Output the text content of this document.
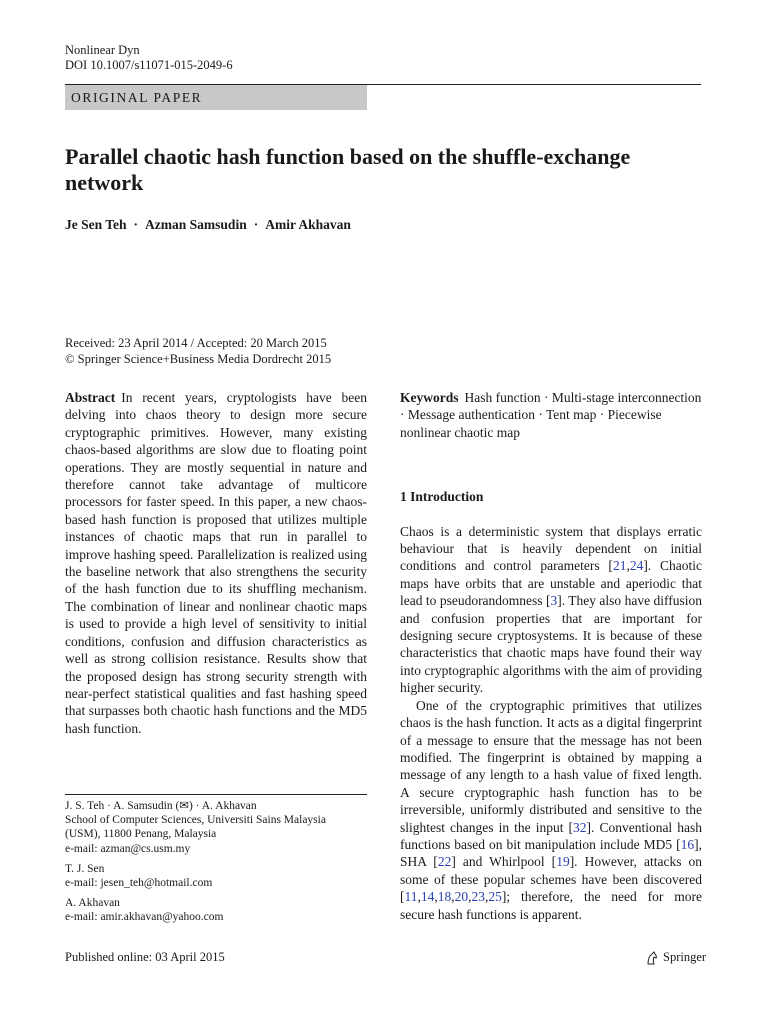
Nonlinear Dyn
DOI 10.1007/s11071-015-2049-6
ORIGINAL PAPER
Parallel chaotic hash function based on the shuffle-exchange network
Je Sen Teh · Azman Samsudin · Amir Akhavan
Received: 23 April 2014 / Accepted: 20 March 2015
© Springer Science+Business Media Dordrecht 2015

Abstract In recent years, cryptologists have been delving into chaos theory to design more secure cryptographic primitives. However, many existing chaos-based algorithms are slow due to floating point operations. They are mostly sequential in nature and therefore cannot take advantage of multicore processors for faster speed. In this paper, a new chaos-based hash function is proposed that utilizes multiple instances of chaotic maps that run in parallel to improve hashing speed. Parallelization is realized using the baseline network that also strengthens the security of the hash function due to its shuffling mechanism. The combination of linear and nonlinear chaotic maps is used to provide a high level of sensitivity to initial conditions, confusion and diffusion characteristics as well as strong collision resistance. Results show that the proposed design has strong security strength with near-perfect statistical qualities and fast hashing speed that surpasses both chaotic hash functions and the MD5 hash function.

J. S. Teh · A. Samsudin (✉) · A. Akhavan
School of Computer Sciences, Universiti Sains Malaysia
(USM), 11800 Penang, Malaysia
e-mail: azman@cs.usm.my
T. J. Sen
e-mail: jesen_teh@hotmail.com
A. Akhavan
e-mail: amir.akhavan@yahoo.com

Keywords Hash function · Multi-stage interconnection · Message authentication · Tent map · Piecewise nonlinear chaotic map

1 Introduction

Chaos is a deterministic system that displays erratic behaviour that is heavily dependent on initial conditions and control parameters [21,24]. Chaotic maps have orbits that are unstable and aperiodic that lead to pseudorandomness [3]. They also have diffusion and confusion properties that are important for designing secure cryptosystems. It is because of these characteristics that chaotic maps have found their way into cryptographic algorithms with the aim of providing higher security.

One of the cryptographic primitives that utilizes chaos is the hash function. It acts as a digital fingerprint of a message to ensure that the message has not been modified. The fingerprint is obtained by mapping a message of any length to a hash value of fixed length. A secure cryptographic hash function has to be irreversible, uniformly distributed and sensitive to the slightest changes in the input [32]. Conventional hash functions based on bit manipulation include MD5 [16], SHA [22] and Whirlpool [19]. However, attacks on some of these popular schemes have been discovered [11,14,18,20,23,25]; therefore, the need for more secure hash functions is apparent.

Published online: 03 April 2015	Springer
